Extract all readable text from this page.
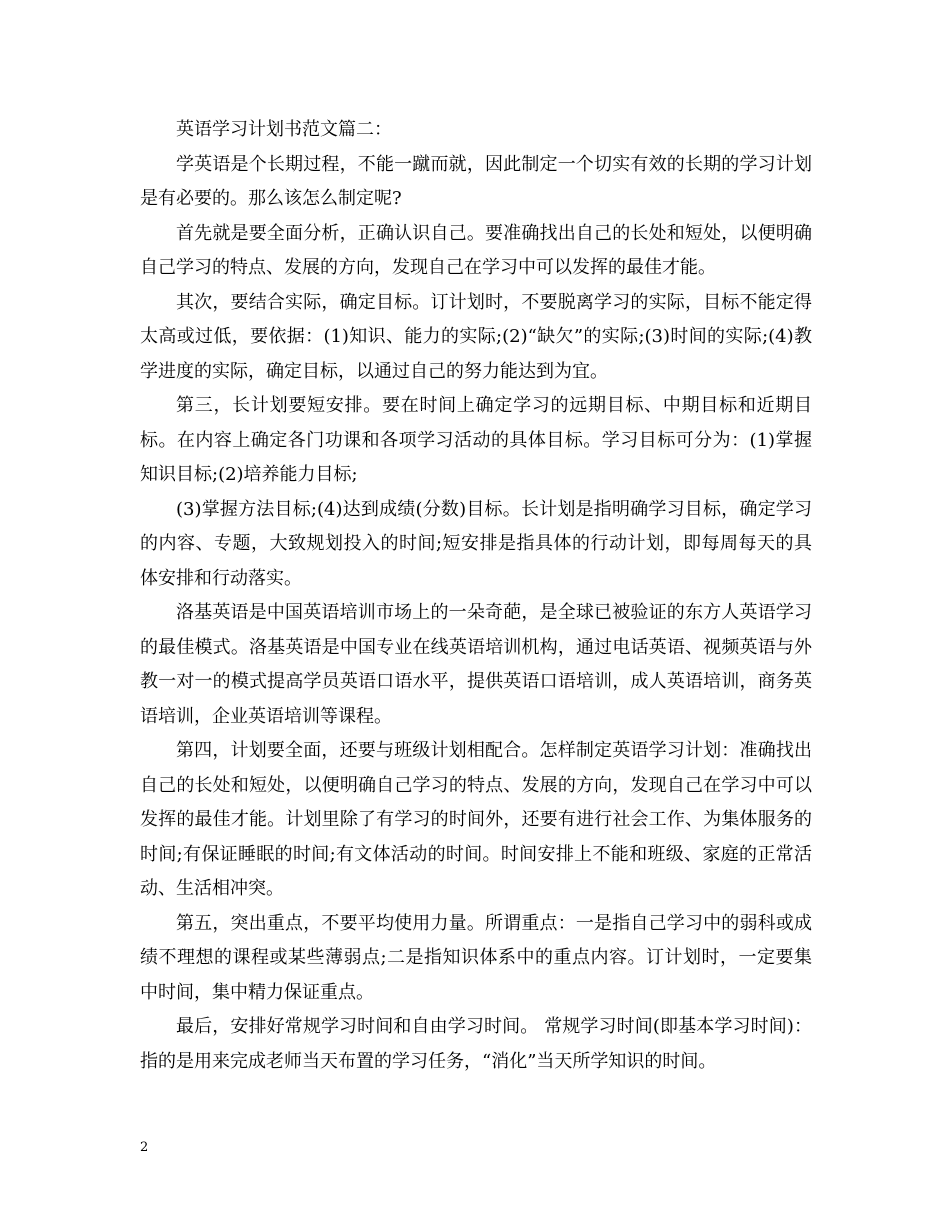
英语学习计划书范文篇二：

学英语是个长期过程，不能一蹴而就，因此制定一个切实有效的长期的学习计划是有必要的。那么该怎么制定呢?

首先就是要全面分析，正确认识自己。要准确找出自己的长处和短处，以便明确自己学习的特点、发展的方向，发现自己在学习中可以发挥的最佳才能。

其次，要结合实际，确定目标。订计划时，不要脱离学习的实际，目标不能定得太高或过低，要依据：(1)知识、能力的实际;(2)“缺欠”的实际;(3)时间的实际;(4)教学进度的实际，确定目标，以通过自己的努力能达到为宜。

第三，长计划要短安排。要在时间上确定学习的远期目标、中期目标和近期目标。在内容上确定各门功课和各项学习活动的具体目标。学习目标可分为：(1)掌握知识目标;(2)培养能力目标;

(3)掌握方法目标;(4)达到成绩(分数)目标。长计划是指明确学习目标，确定学习的内容、专题，大致规划投入的时间;短安排是指具体的行动计划，即每周每天的具体安排和行动落实。

洛基英语是中国英语培训市场上的一朵奇葩，是全球已被验证的东方人英语学习的最佳模式。洛基英语是中国专业在线英语培训机构，通过电话英语、视频英语与外教一对一的模式提高学员英语口语水平，提供英语口语培训，成人英语培训，商务英语培训，企业英语培训等课程。

第四，计划要全面，还要与班级计划相配合。怎样制定英语学习计划：准确找出自己的长处和短处，以便明确自己学习的特点、发展的方向，发现自己在学习中可以发挥的最佳才能。计划里除了有学习的时间外，还要有进行社会工作、为集体服务的时间;有保证睡眠的时间;有文体活动的时间。时间安排上不能和班级、家庭的正常活动、生活相冲突。

第五，突出重点，不要平均使用力量。所谓重点：一是指自己学习中的弱科或成绩不理想的课程或某些薄弱点;二是指知识体系中的重点内容。订计划时，一定要集中时间，集中精力保证重点。

最后，安排好常规学习时间和自由学习时间。 常规学习时间(即基本学习时间)：指的是用来完成老师当天布置的学习任务，“消化”当天所学知识的时间。

2
